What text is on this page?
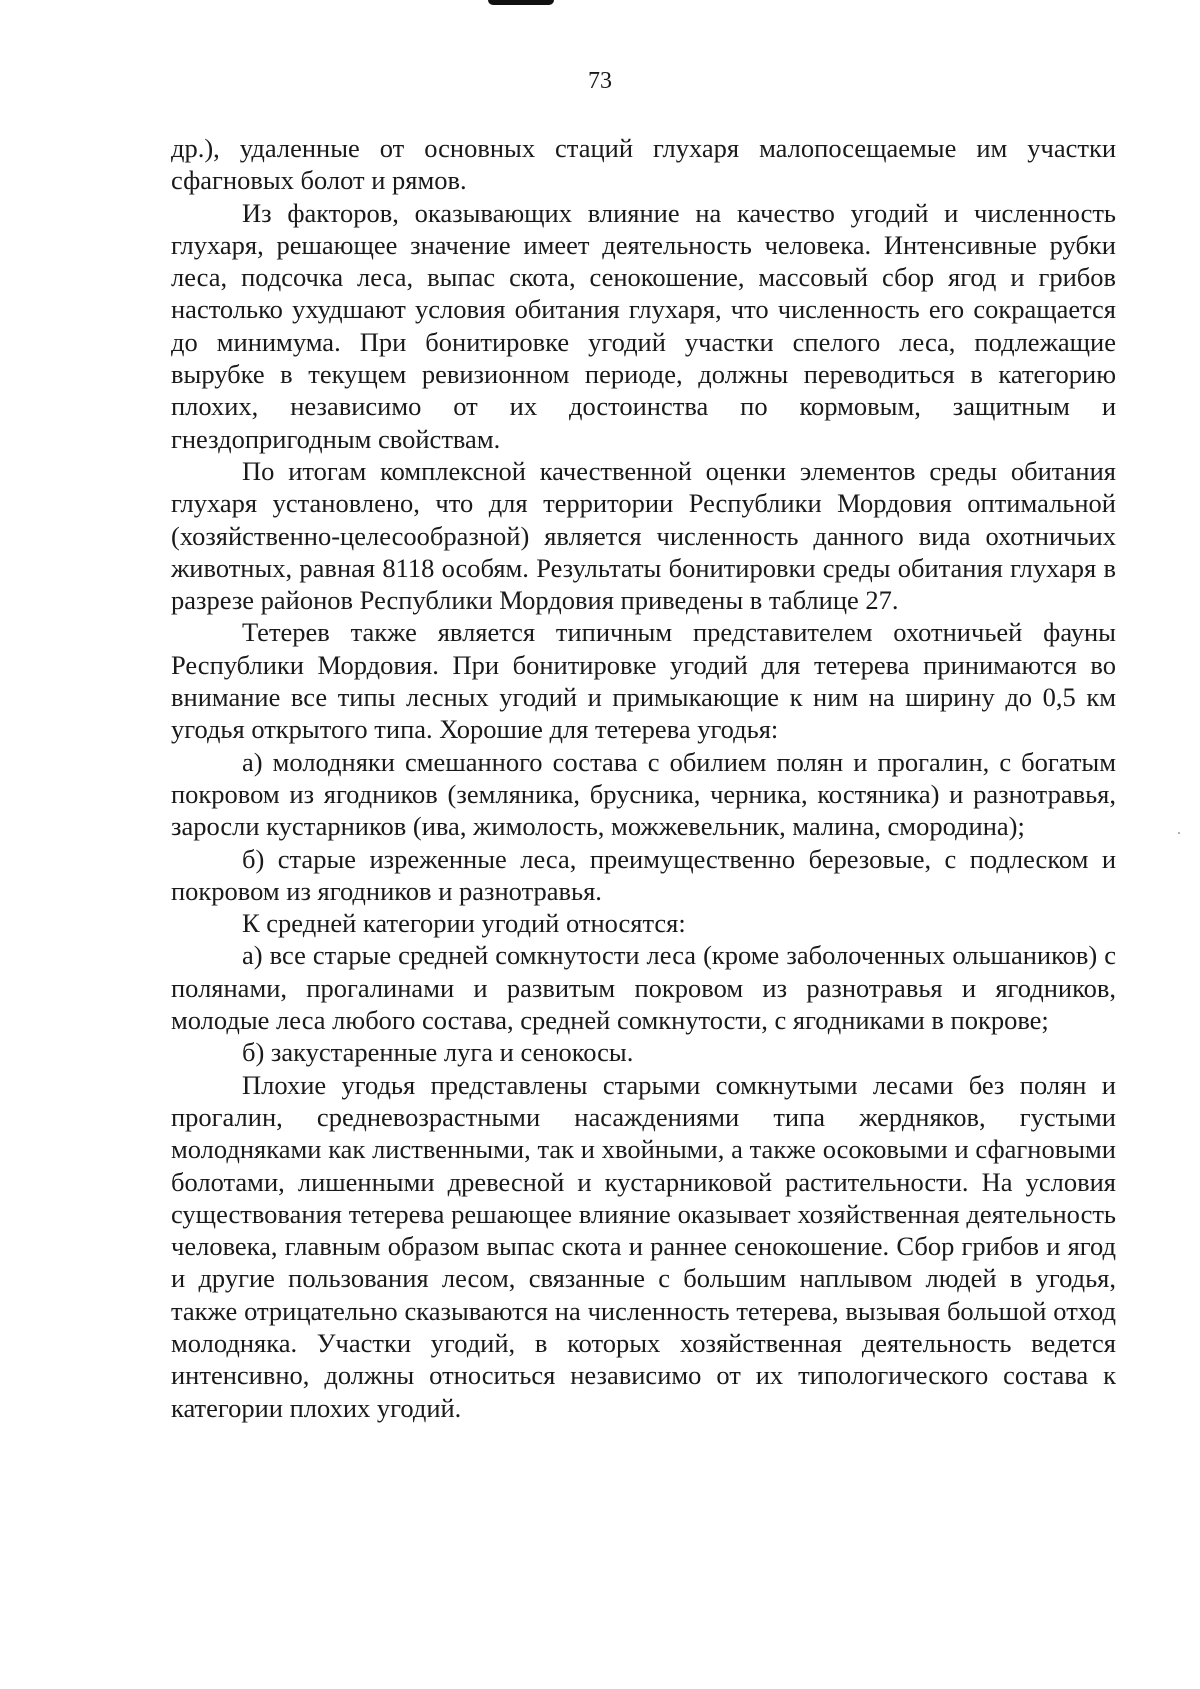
73

др.), удаленные от основных стаций глухаря малопосещаемые им участки сфагновых болот и рямов.

Из факторов, оказывающих влияние на качество угодий и численность глухаря, решающее значение имеет деятельность человека. Интенсивные рубки леса, подсочка леса, выпас скота, сенокошение, массовый сбор ягод и грибов настолько ухудшают условия обитания глухаря, что численность его сокращается до минимума. При бонитировке угодий участки спелого леса, подлежащие вырубке в текущем ревизионном периоде, должны переводиться в категорию плохих, независимо от их достоинства по кормовым, защитным и гнездопригодным свойствам.

По итогам комплексной качественной оценки элементов среды обитания глухаря установлено, что для территории Республики Мордовия оптимальной (хозяйственно-целесообразной) является численность данного вида охотничьих животных, равная 8118 особям. Результаты бонитировки среды обитания глухаря в разрезе районов Республики Мордовия приведены в таблице 27.

Тетерев также является типичным представителем охотничьей фауны Республики Мордовия. При бонитировке угодий для тетерева принимаются во внимание все типы лесных угодий и примыкающие к ним на ширину до 0,5 км угодья открытого типа. Хорошие для тетерева угодья:

а) молодняки смешанного состава с обилием полян и прогалин, с богатым покровом из ягодников (земляника, брусника, черника, костяника) и разнотравья, заросли кустарников (ива, жимолость, можжевельник, малина, смородина);

б) старые изреженные леса, преимущественно березовые, с подлеском и покровом из ягодников и разнотравья.

К средней категории угодий относятся:

а) все старые средней сомкнутости леса (кроме заболоченных ольшаников) с полянами, прогалинами и развитым покровом из разнотравья и ягодников, молодые леса любого состава, средней сомкнутости, с ягодниками в покрове;

б) закустаренные луга и сенокосы.

Плохие угодья представлены старыми сомкнутыми лесами без полян и прогалин, средневозрастными насаждениями типа жердняков, густыми молодняками как лиственными, так и хвойными, а также осоковыми и сфагновыми болотами, лишенными древесной и кустарниковой растительности. На условия существования тетерева решающее влияние оказывает хозяйственная деятельность человека, главным образом выпас скота и раннее сенокошение. Сбор грибов и ягод и другие пользования лесом, связанные с большим наплывом людей в угодья, также отрицательно сказываются на численность тетерева, вызывая большой отход молодняка. Участки угодий, в которых хозяйственная деятельность ведется интенсивно, должны относиться независимо от их типологического состава к категории плохих угодий.
